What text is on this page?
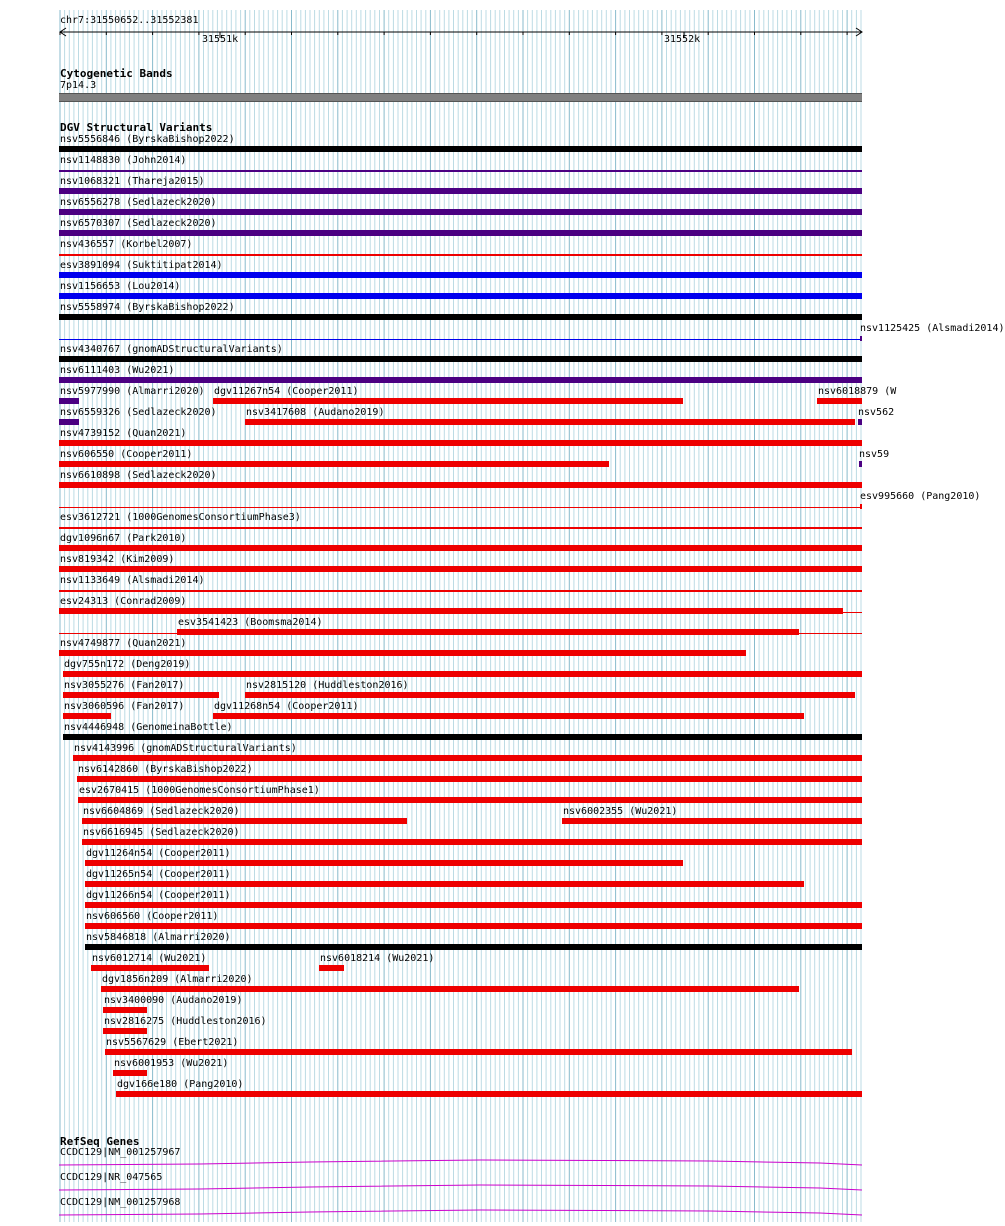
chr7:31550652..31552381
31551k	31552k
Cytogenetic Bands
7p14.3
DGV Structural Variants
nsv5556846 (ByrskaBishop2022)
nsv1148830 (John2014)
nsv1068321 (Thareja2015)
nsv6556278 (Sedlazeck2020)
nsv6570307 (Sedlazeck2020)
nsv436557 (Korbel2007)
esv3891094 (Suktitipat2014)
nsv1156653 (Lou2014)
nsv5558974 (ByrskaBishop2022)
nsv1125425 (Alsmadi2014)
nsv4340767 (gnomADStructuralVariants)
nsv6111403 (Wu2021)
nsv5977990 (Almarri2020) dgv11267n54 (Cooper2011)	nsv6018879 (W
nsv6559326 (Sedlazeck2020)	nsv3417608 (Audano2019)	nsv562
nsv4739152 (Quan2021)
nsv606550 (Cooper2011)	nsv59
nsv6610898 (Sedlazeck2020)
esv995660 (Pang2010)
esv3612721 (1000GenomesConsortiumPhase3)
dgv1096n67 (Park2010)
nsv819342 (Kim2009)
nsv1133649 (Alsmadi2014)
esv24313 (Conrad2009)
esv3541423 (Boomsma2014)
nsv4749877 (Quan2021)
dgv755n172 (Deng2019)
nsv3055276 (Fan2017)	nsv2815120 (Huddleston2016)
nsv3060596 (Fan2017)	dgv11268n54 (Cooper2011)
nsv4446948 (GenomeinaBottle)
nsv4143996 (gnomADStructuralVariants)
nsv6142860 (ByrskaBishop2022)
esv2670415 (1000GenomesConsortiumPhase1)
nsv6604869 (Sedlazeck2020)	nsv6002355 (Wu2021)
nsv6616945 (Sedlazeck2020)
dgv11264n54 (Cooper2011)
dgv11265n54 (Cooper2011)
dgv11266n54 (Cooper2011)
nsv606560 (Cooper2011)
nsv5846818 (Almarri2020)
nsv6012714 (Wu2021)	nsv6018214 (Wu2021)
dgv1856n209 (Almarri2020)
nsv3400090 (Audano2019)
nsv2816275 (Huddleston2016)
nsv5567629 (Ebert2021)
nsv6001953 (Wu2021)
dgv166e180 (Pang2010)
RefSeq Genes
CCDC129|NM_001257967
CCDC129|NR_047565
CCDC129|NM_001257968
